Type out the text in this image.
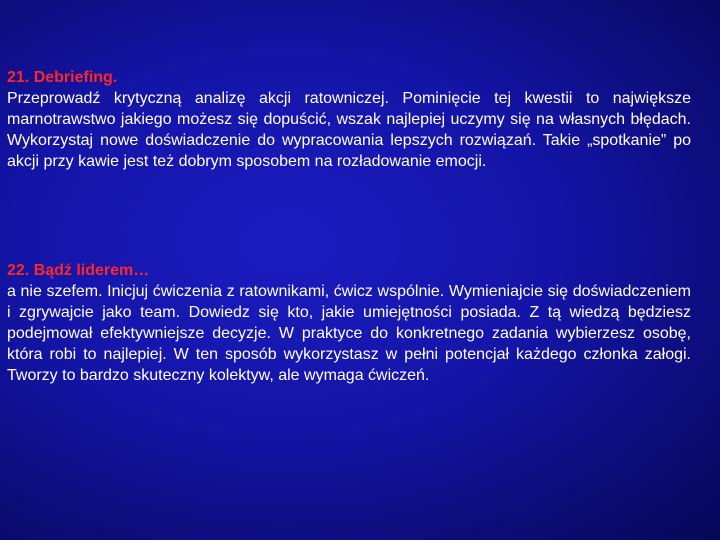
21. Debriefing.
Przeprowadź krytyczną analizę akcji ratowniczej. Pominięcie tej kwestii to największe marnotrawstwo jakiego możesz się dopuścić, wszak najlepiej uczymy się na własnych błędach. Wykorzystaj nowe doświadczenie do wypracowania lepszych rozwiązań. Takie „spotkanie” po akcji przy kawie jest też dobrym sposobem na rozładowanie emocji.
22. Bądź liderem…
a nie szefem. Inicjuj ćwiczenia z ratownikami, ćwicz wspólnie. Wymieniajcie się doświadczeniem i zgrywajcie jako team. Dowiedz się kto, jakie umiejętności posiada. Z tą wiedzą będziesz podejmował efektywniejsze decyzje. W praktyce do konkretnego zadania wybierzesz osobę, która robi to najlepiej. W ten sposób wykorzystasz w pełni potencjał każdego członka załogi. Tworzy to bardzo skuteczny kolektyw, ale wymaga ćwiczeń.
